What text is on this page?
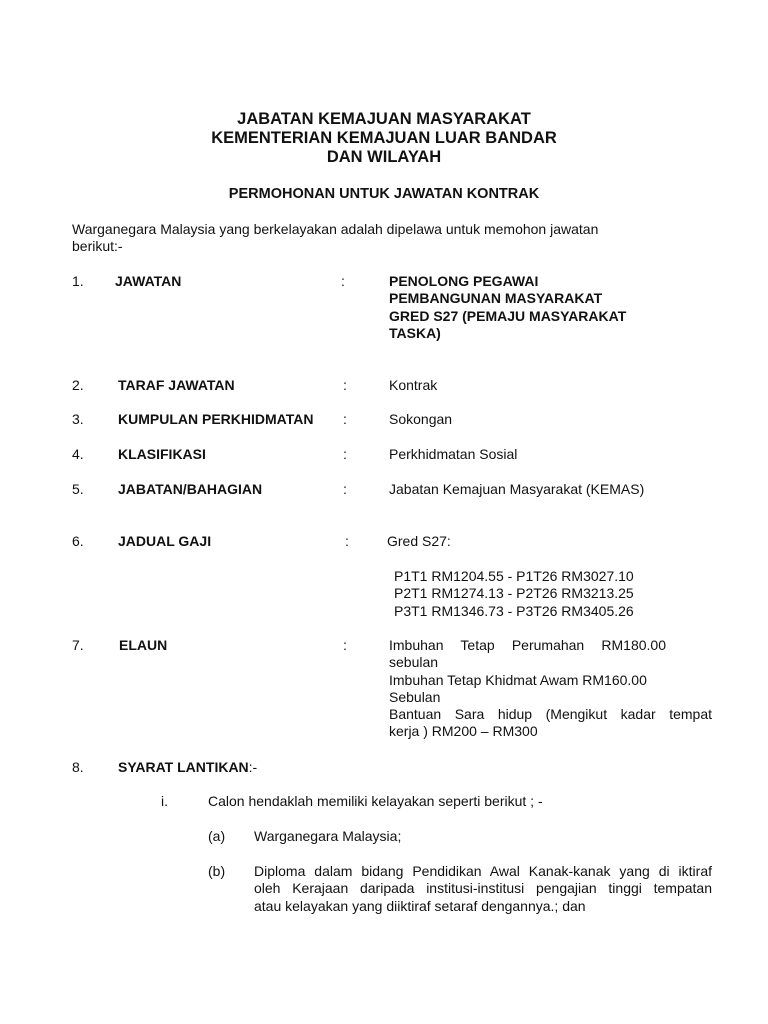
JABATAN KEMAJUAN MASYARAKAT
KEMENTERIAN KEMAJUAN LUAR BANDAR
DAN WILAYAH
PERMOHONAN UNTUK JAWATAN KONTRAK
Warganegara Malaysia yang berkelayakan adalah dipelawa untuk memohon jawatan berikut:-
1. JAWATAN	:	PENOLONG PEGAWAI
PEMBANGUNAN MASYARAKAT
GRED S27 (PEMAJU MASYARAKAT
TASKA)
2. TARAF JAWATAN	:	Kontrak
3. KUMPULAN PERKHIDMATAN :	Sokongan
4. KLASIFIKASI	:	Perkhidmatan Sosial
5. JABATAN/BAHAGIAN	:	Jabatan Kemajuan Masyarakat (KEMAS)
6. JADUAL GAJI	:	Gred S27:
P1T1 RM1204.55 - P1T26 RM3027.10
P2T1 RM1274.13 - P2T26 RM3213.25
P3T1 RM1346.73 - P3T26 RM3405.26
7.	ELAUN	:	Imbuhan Tetap Perumahan RM180.00
sebulan
Imbuhan Tetap Khidmat Awam RM160.00
Sebulan
Bantuan Sara hidup (Mengikut kadar tempat
kerja ) RM200 – RM300
8. SYARAT LANTIKAN:-
i.	Calon hendaklah memiliki kelayakan seperti berikut ; -
(a) Warganegara Malaysia;
(b) Diploma dalam bidang Pendidikan Awal Kanak-kanak yang di iktiraf
oleh Kerajaan daripada institusi-institusi pengajian tinggi tempatan
atau kelayakan yang diiktiraf setaraf dengannya.; dan
